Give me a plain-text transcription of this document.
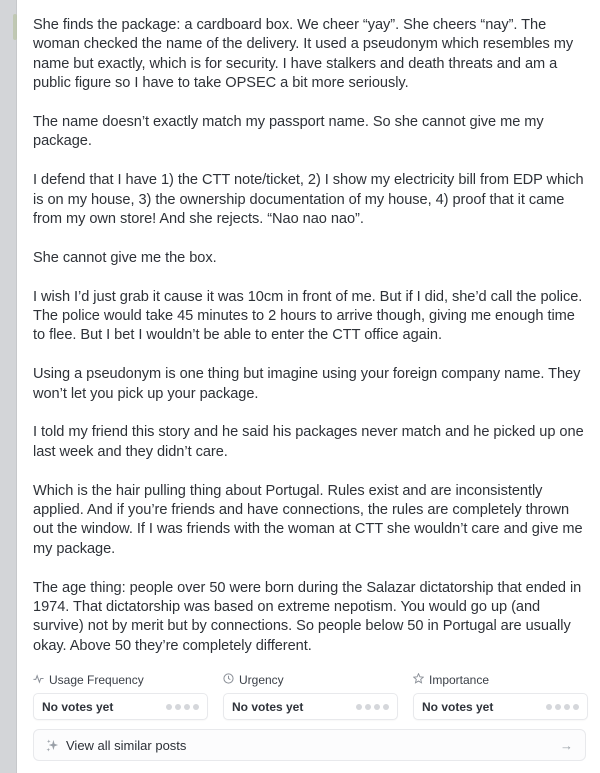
She finds the package: a cardboard box. We cheer “yay”. She cheers “nay”. The woman checked the name of the delivery. It used a pseudonym which resembles my name but exactly, which is for security. I have stalkers and death threats and am a public figure so I have to take OPSEC a bit more seriously.

The name doesn’t exactly match my passport name. So she cannot give me my package.

I defend that I have 1) the CTT note/ticket, 2) I show my electricity bill from EDP which is on my house, 3) the ownership documentation of my house, 4) proof that it came from my own store! And she rejects. “Nao nao nao”.

She cannot give me the box.

I wish I’d just grab it cause it was 10cm in front of me. But if I did, she’d call the police. The police would take 45 minutes to 2 hours to arrive though, giving me enough time to flee. But I bet I wouldn’t be able to enter the CTT office again.

Using a pseudonym is one thing but imagine using your foreign company name. They won’t let you pick up your package.

I told my friend this story and he said his packages never match and he picked up one last week and they didn’t care.

Which is the hair pulling thing about Portugal. Rules exist and are inconsistently applied. And if you’re friends and have connections, the rules are completely thrown out the window. If I was friends with the woman at CTT she wouldn’t care and give me my package.

The age thing: people over 50 were born during the Salazar dictatorship that ended in 1974. That dictatorship was based on extreme nepotism. You would go up (and survive) not by merit but by connections. So people below 50 in Portugal are usually okay. Above 50 they’re completely different.

Usage Frequency
No votes yet
Urgency
No votes yet
Importance
No votes yet
View all similar posts	→
